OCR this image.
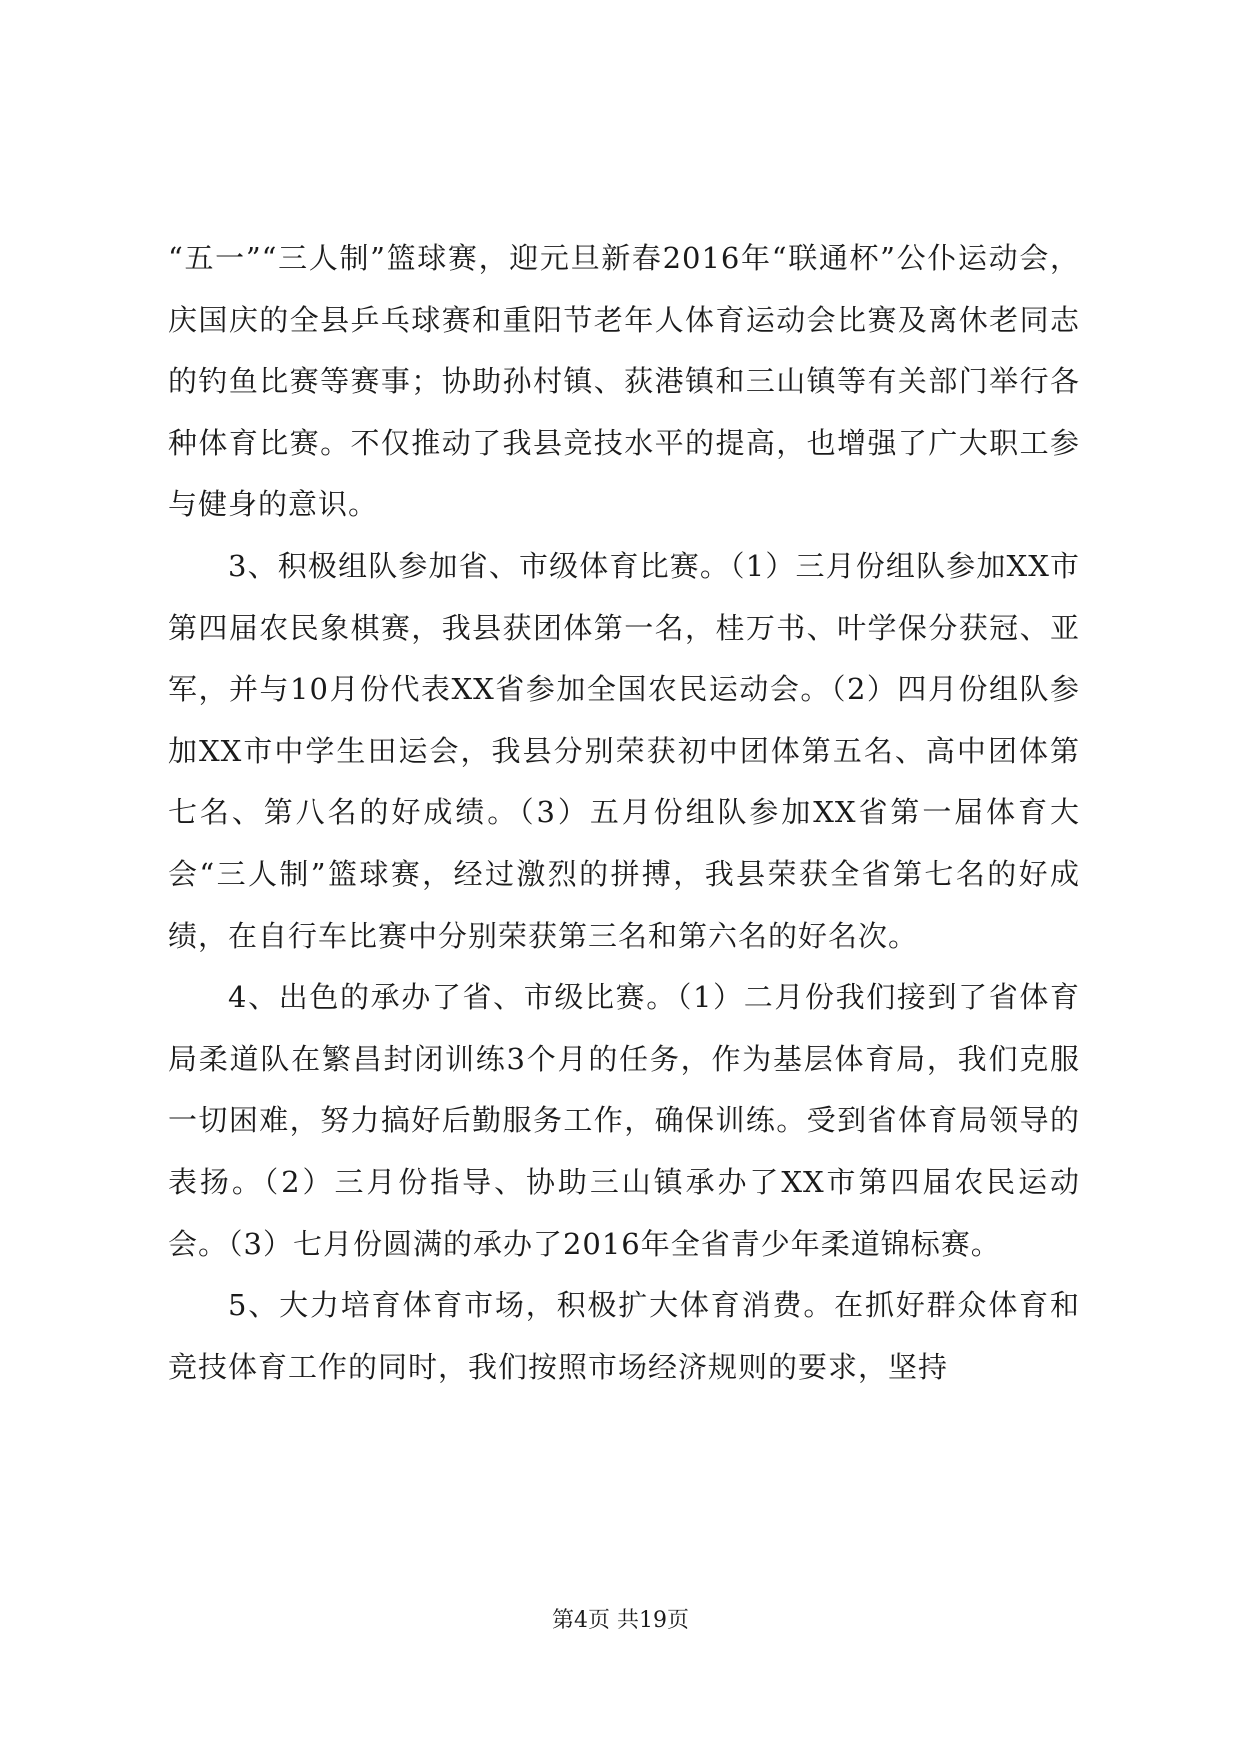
“五一”“三人制”篮球赛，迎元旦新春2016年“联通杯”公仆运动会，庆国庆的全县乒乓球赛和重阳节老年人体育运动会比赛及离休老同志的钓鱼比赛等赛事；协助孙村镇、荻港镇和三山镇等有关部门举行各种体育比赛。不仅推动了我县竞技水平的提高，也增强了广大职工参与健身的意识。

3、积极组队参加省、市级体育比赛。（1）三月份组队参加XX市第四届农民象棋赛，我县获团体第一名，桂万书、叶学保分获冠、亚军，并与10月份代表XX省参加全国农民运动会。（2）四月份组队参加XX市中学生田运会，我县分别荣获初中团体第五名、高中团体第七名、第八名的好成绩。（3）五月份组队参加XX省第一届体育大会“三人制”篮球赛，经过激烈的拼搏，我县荣获全省第七名的好成绩，在自行车比赛中分别荣获第三名和第六名的好名次。

4、出色的承办了省、市级比赛。（1）二月份我们接到了省体育局柔道队在繁昌封闭训练3个月的任务，作为基层体育局，我们克服一切困难，努力搞好后勤服务工作，确保训练。受到省体育局领导的表扬。（2）三月份指导、协助三山镇承办了XX市第四届农民运动会。（3）七月份圆满的承办了2016年全省青少年柔道锦标赛。

5、大力培育体育市场，积极扩大体育消费。在抓好群众体育和竞技体育工作的同时，我们按照市场经济规则的要求，坚持

第4页 共19页
